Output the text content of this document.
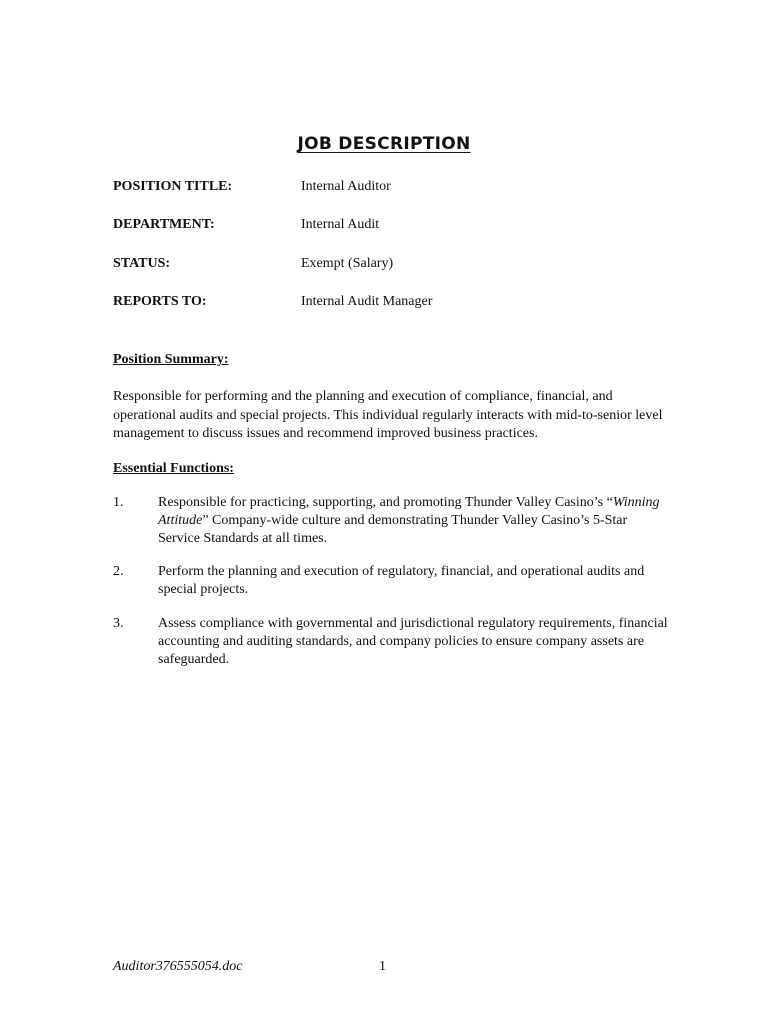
JOB DESCRIPTION
POSITION TITLE:	Internal Auditor
DEPARTMENT:	Internal Audit
STATUS:	Exempt (Salary)
REPORTS TO:	Internal Audit Manager
Position Summary:
Responsible for performing and the planning and execution of compliance, financial, and operational audits and special projects. This individual regularly interacts with mid-to-senior level management to discuss issues and recommend improved business practices.
Essential Functions:
1. Responsible for practicing, supporting, and promoting Thunder Valley Casino’s “Winning Attitude” Company-wide culture and demonstrating Thunder Valley Casino’s 5-Star Service Standards at all times.
2. Perform the planning and execution of regulatory, financial, and operational audits and special projects.
3. Assess compliance with governmental and jurisdictional regulatory requirements, financial accounting and auditing standards, and company policies to ensure company assets are safeguarded.
Auditor376555054.doc	1
